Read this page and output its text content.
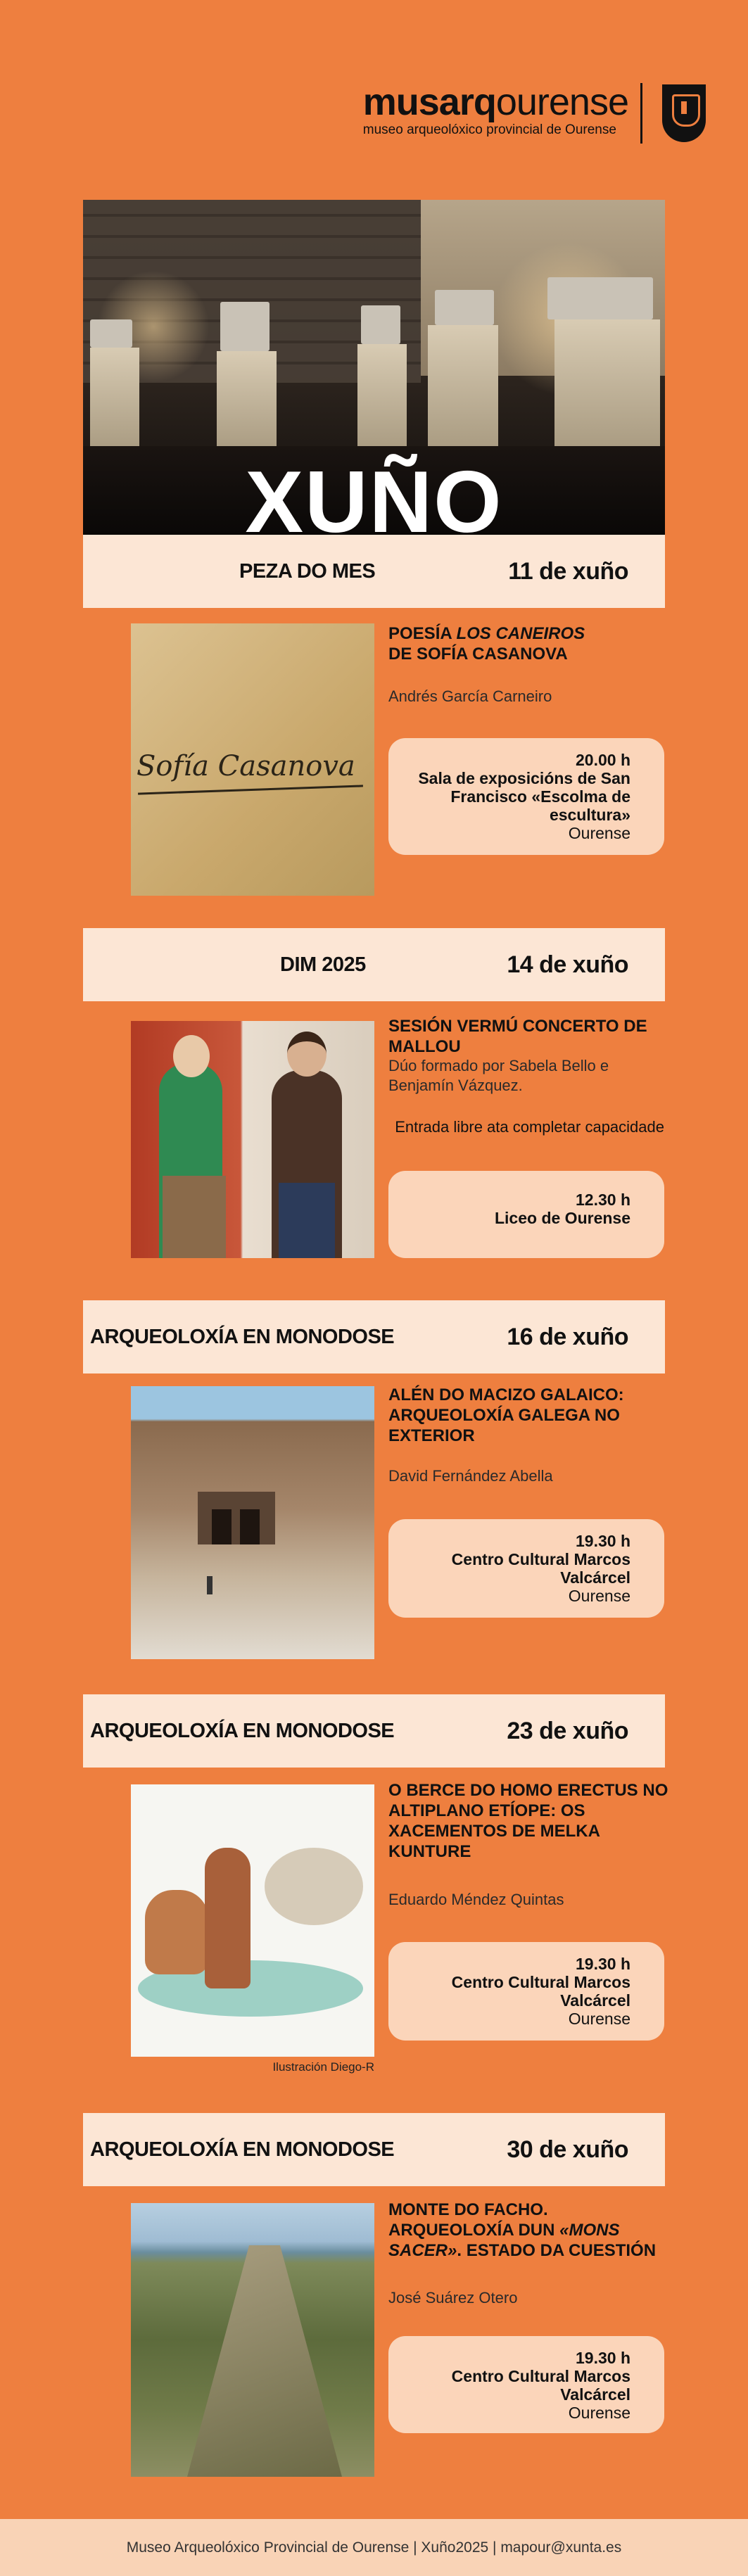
musarqourense
museo arqueolóxico provincial de Ourense
XUÑO
PEZA DO MES	11 de xuño
Sofía Casanova
POESÍA LOS CANEIROS
DE SOFÍA CASANOVA
Andrés García Carneiro
20.00 h
Sala de exposicións de San Francisco «Escolma de escultura»
Ourense
DIM 2025	14 de xuño
SESIÓN VERMÚ CONCERTO DE MALLOU
Dúo formado por Sabela Bello e Benjamín Vázquez.
Entrada libre ata completar capacidade
12.30 h
Liceo de Ourense
ARQUEOLOXÍA EN MONODOSE	16 de xuño
ALÉN DO MACIZO GALAICO: ARQUEOLOXÍA GALEGA NO EXTERIOR
David Fernández Abella
19.30 h
Centro Cultural Marcos Valcárcel
Ourense
ARQUEOLOXÍA EN MONODOSE	23 de xuño
Ilustración Diego-R
O BERCE DO HOMO ERECTUS NO ALTIPLANO ETÍOPE: OS XACEMENTOS DE MELKA KUNTURE
Eduardo Méndez Quintas
19.30 h
Centro Cultural Marcos Valcárcel
Ourense
ARQUEOLOXÍA EN MONODOSE	30 de xuño
MONTE DO FACHO. ARQUEOLOXÍA DUN «MONS SACER». ESTADO DA CUESTIÓN
José Suárez Otero
19.30 h
Centro Cultural Marcos Valcárcel
Ourense
Museo Arqueolóxico Provincial de Ourense | Xuño2025 | mapour@xunta.es
